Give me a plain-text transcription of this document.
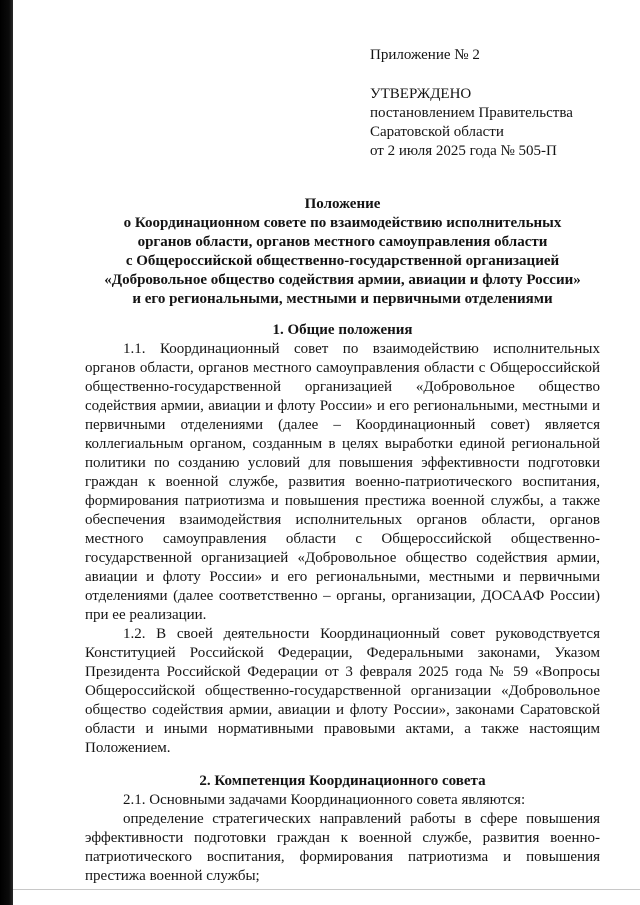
Приложение № 2
УТВЕРЖДЕНО
постановлением Правительства
Саратовской области
от 2 июля 2025 года № 505-П
Положение
о Координационном совете по взаимодействию исполнительных
органов области, органов местного самоуправления области
с Общероссийской общественно-государственной организацией
«Добровольное общество содействия армии, авиации и флоту России»
и его региональными, местными и первичными отделениями
1. Общие положения

1.1. Координационный совет по взаимодействию исполнительных органов области, органов местного самоуправления области с Общероссийской общественно-государственной организацией «Добровольное общество содействия армии, авиации и флоту России» и его региональными, местными и первичными отделениями (далее – Координационный совет) является коллегиальным органом, созданным в целях выработки единой региональной политики по созданию условий для повышения эффективности подготовки граждан к военной службе, развития военно-патриотического воспитания, формирования патриотизма и повышения престижа военной службы, а также обеспечения взаимодействия исполнительных органов области, органов местного самоуправления области с Общероссийской общественно-государственной организацией «Добровольное общество содействия армии, авиации и флоту России» и его региональными, местными и первичными отделениями (далее соответственно – органы, организации, ДОСААФ России) при ее реализации.

1.2. В своей деятельности Координационный совет руководствуется Конституцией Российской Федерации, Федеральными законами, Указом Президента Российской Федерации от 3 февраля 2025 года № 59 «Вопросы Общероссийской общественно-государственной организации «Добровольное общество содействия армии, авиации и флоту России», законами Саратовской области и иными нормативными правовыми актами, а также настоящим Положением.

2. Компетенция Координационного совета

2.1. Основными задачами Координационного совета являются:

определение стратегических направлений работы в сфере повышения эффективности подготовки граждан к военной службе, развития военно-патриотического воспитания, формирования патриотизма и повышения престижа военной службы;
